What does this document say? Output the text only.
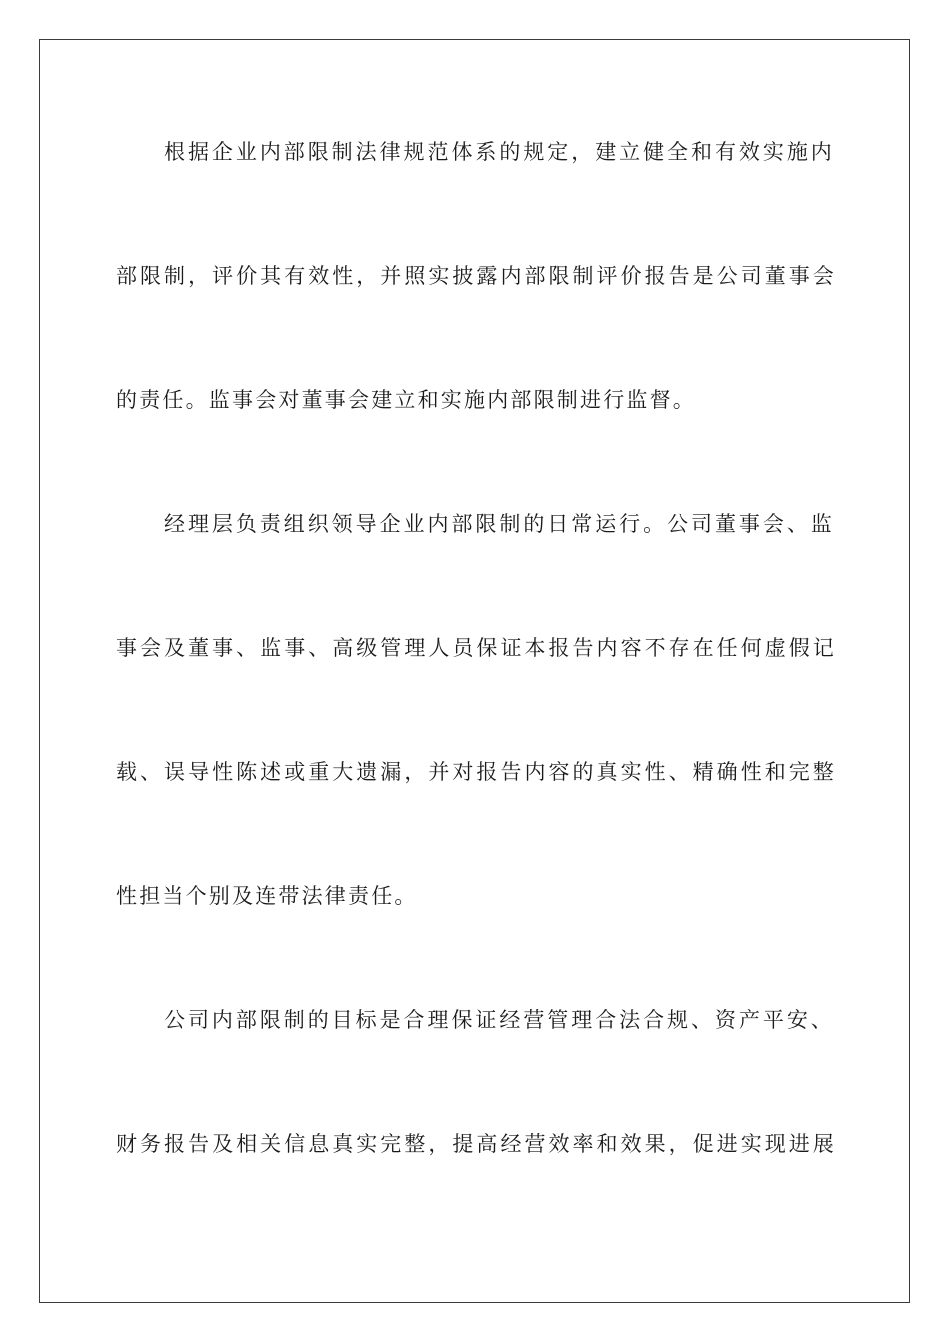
根据企业内部限制法律规范体系的规定，建立健全和有效实施内
部限制，评价其有效性，并照实披露内部限制评价报告是公司董事会
的责任。监事会对董事会建立和实施内部限制进行监督。
经理层负责组织领导企业内部限制的日常运行。公司董事会、监
事会及董事、监事、高级管理人员保证本报告内容不存在任何虚假记
载、误导性陈述或重大遗漏，并对报告内容的真实性、精确性和完整
性担当个别及连带法律责任。
公司内部限制的目标是合理保证经营管理合法合规、资产平安、
财务报告及相关信息真实完整，提高经营效率和效果，促进实现进展
